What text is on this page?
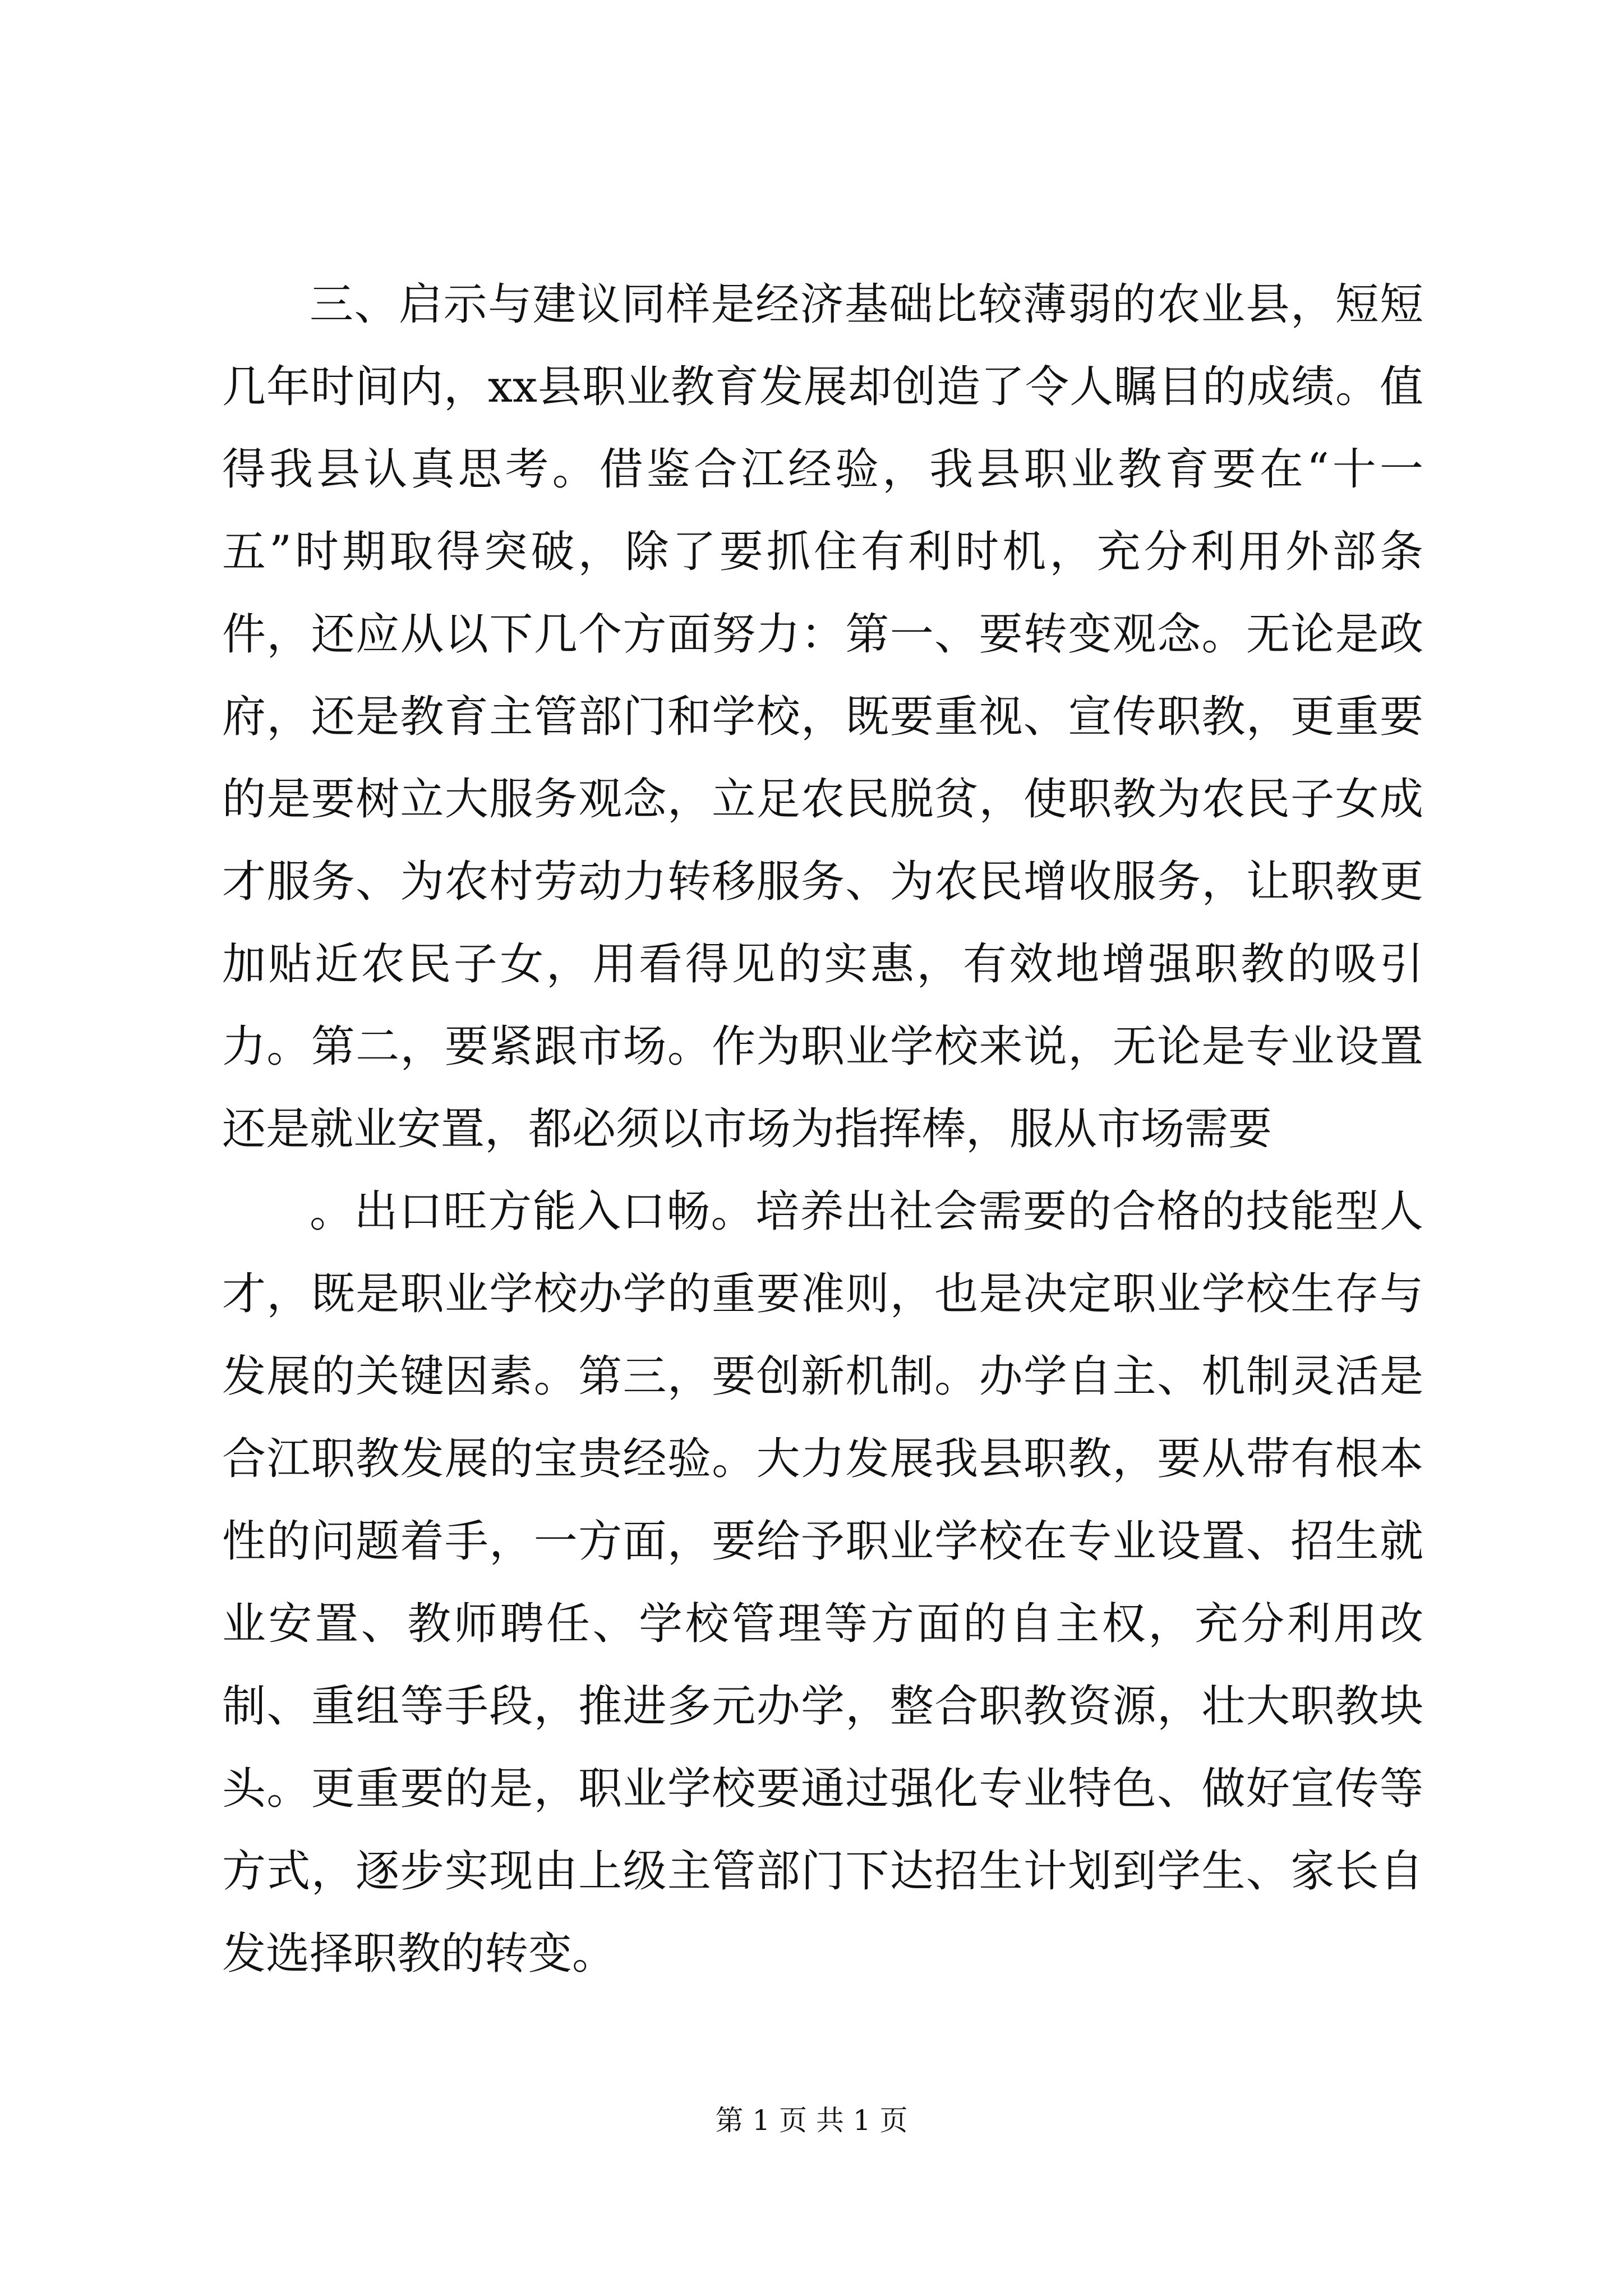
三、启示与建议同样是经济基础比较薄弱的农业县，短短几年时间内，xx县职业教育发展却创造了令人瞩目的成绩。值得我县认真思考。借鉴合江经验，我县职业教育要在“十一五”时期取得突破，除了要抓住有利时机，充分利用外部条件，还应从以下几个方面努力：第一、要转变观念。无论是政府，还是教育主管部门和学校，既要重视、宣传职教，更重要的是要树立大服务观念，立足农民脱贫，使职教为农民子女成才服务、为农村劳动力转移服务、为农民增收服务，让职教更加贴近农民子女，用看得见的实惠，有效地增强职教的吸引力。第二，要紧跟市场。作为职业学校来说，无论是专业设置还是就业安置，都必须以市场为指挥棒，服从市场需要

。出口旺方能入口畅。培养出社会需要的合格的技能型人才，既是职业学校办学的重要准则，也是决定职业学校生存与发展的关键因素。第三，要创新机制。办学自主、机制灵活是合江职教发展的宝贵经验。大力发展我县职教，要从带有根本性的问题着手，一方面，要给予职业学校在专业设置、招生就业安置、教师聘任、学校管理等方面的自主权，充分利用改制、重组等手段，推进多元办学，整合职教资源，壮大职教块头。更重要的是，职业学校要通过强化专业特色、做好宣传等方式，逐步实现由上级主管部门下达招生计划到学生、家长自发选择职教的转变。

第 1 页 共 1 页
